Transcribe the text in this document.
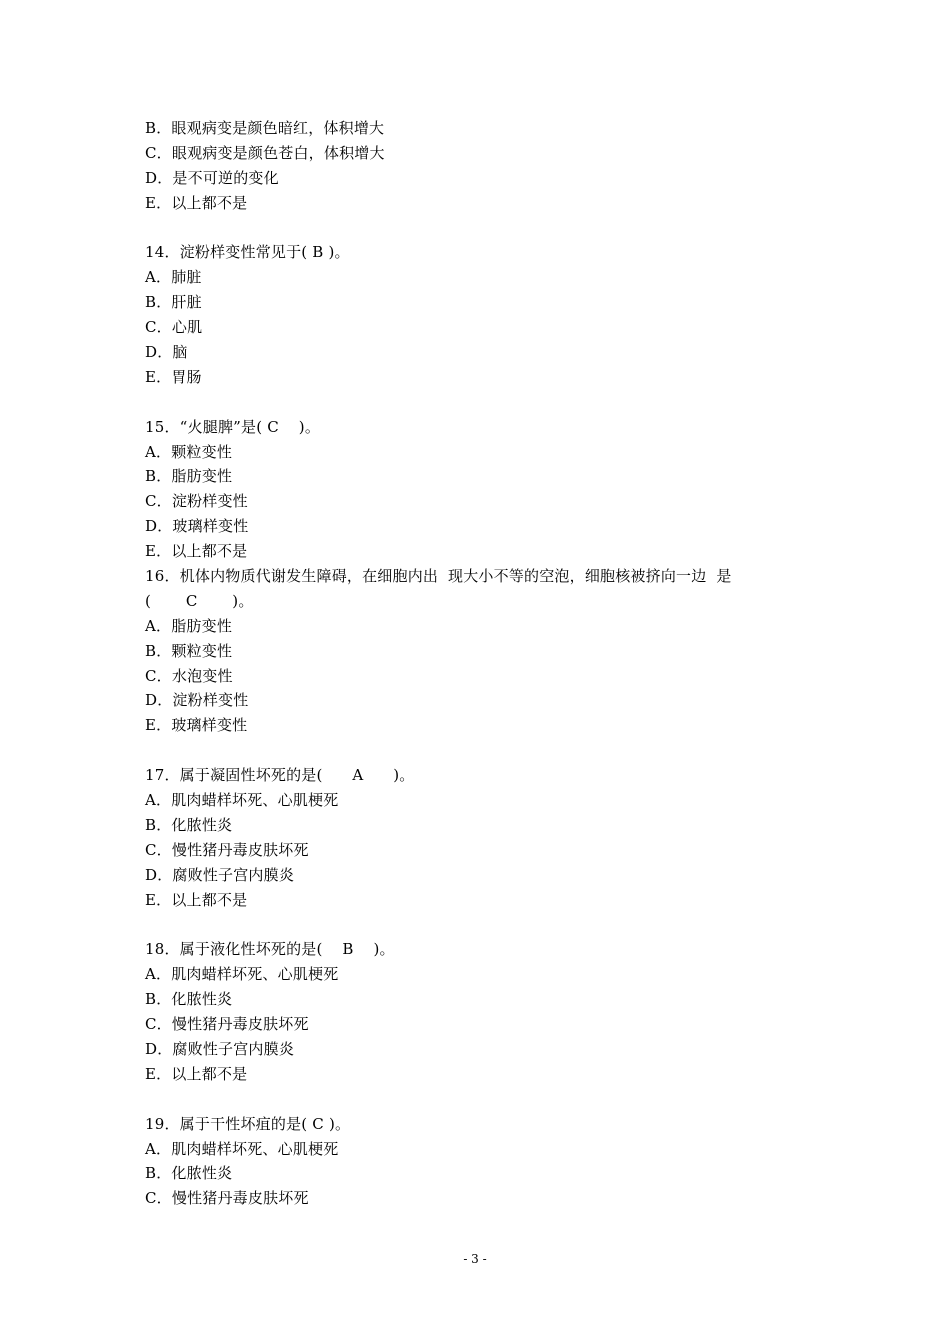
B．眼观病变是颜色暗红，体积增大
C．眼观病变是颜色苍白，体积增大
D．是不可逆的变化
E．以上都不是
14．淀粉样变性常见于( B )。
A．肺脏
B．肝脏
C．心肌
D．脑
E．胃肠
15．“火腿脾”是( C    )。
A．颗粒变性
B．脂肪变性
C．淀粉样变性
D．玻璃样变性
E．以上都不是
16．机体内物质代谢发生障碍，在细胞内出  现大小不等的空泡，细胞核被挤向一边  是
(       C       )。
A．脂肪变性
B．颗粒变性
C．水泡变性
D．淀粉样变性
E．玻璃样变性
17．属于凝固性坏死的是(      A      )。
A．肌肉蜡样坏死、心肌梗死
B．化脓性炎
C．慢性猪丹毒皮肤坏死
D．腐败性子宫内膜炎
E．以上都不是
18．属于液化性坏死的是(    B    )。
A．肌肉蜡样坏死、心肌梗死
B．化脓性炎
C．慢性猪丹毒皮肤坏死
D．腐败性子宫内膜炎
E．以上都不是
19．属于干性坏疽的是( C )。
A．肌肉蜡样坏死、心肌梗死
B．化脓性炎
C．慢性猪丹毒皮肤坏死
- 3 -
